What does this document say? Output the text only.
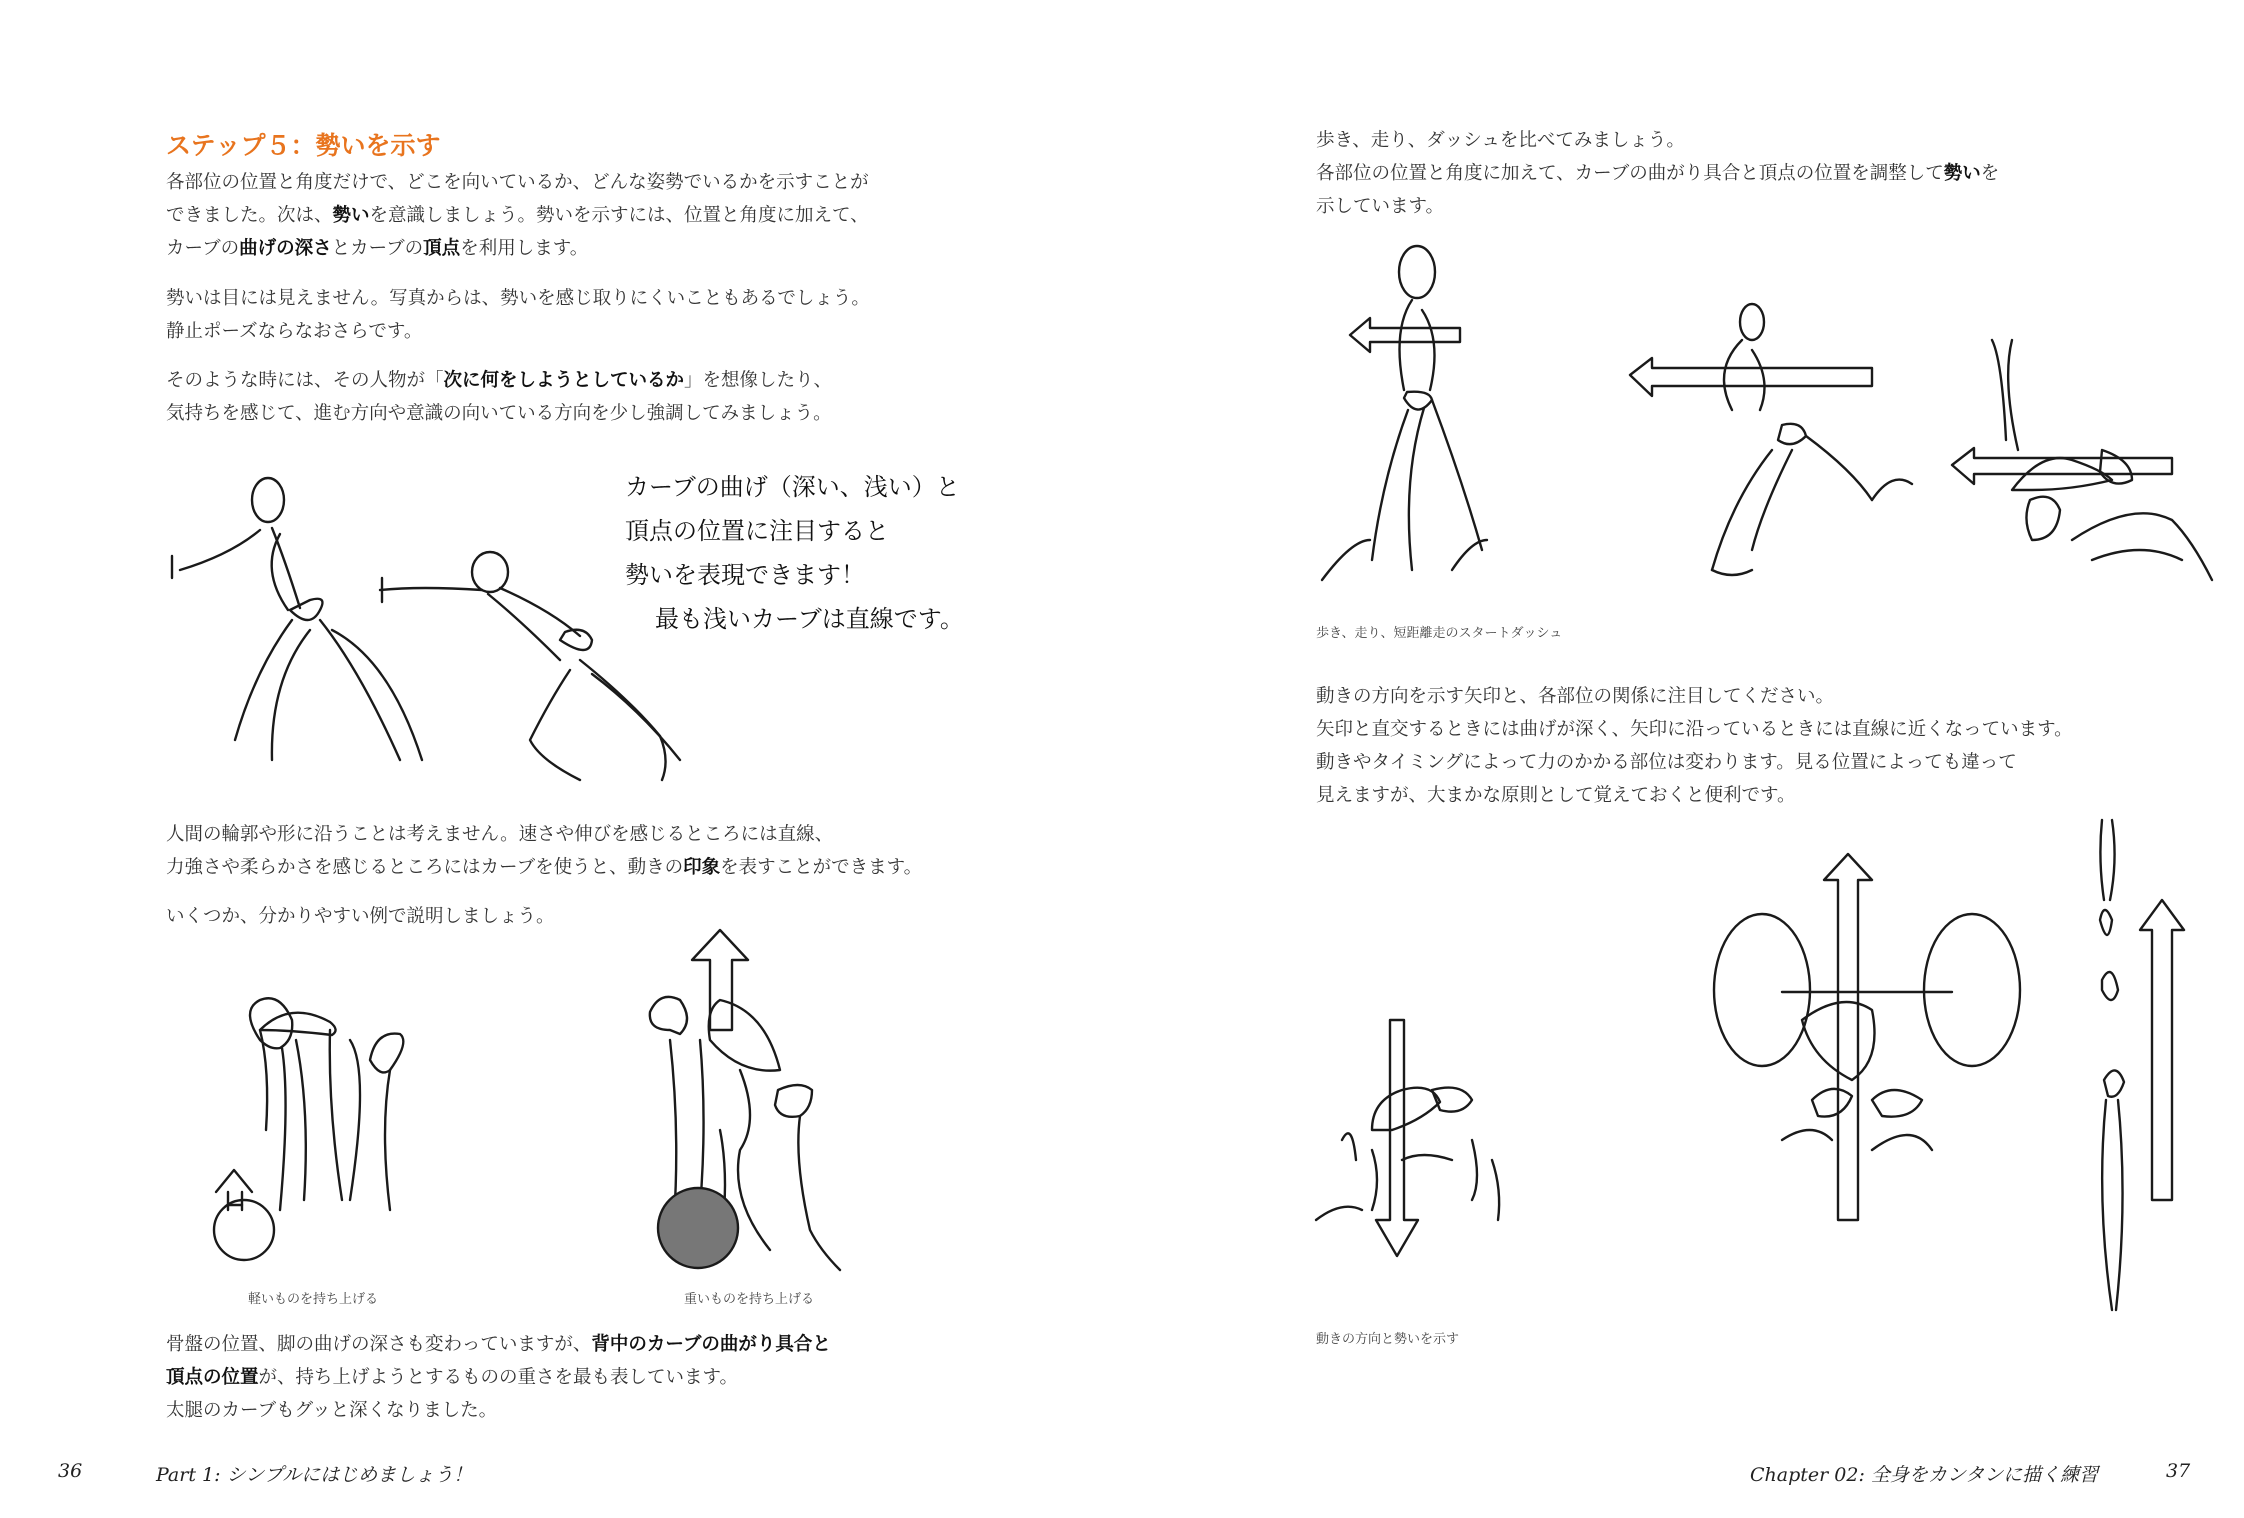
ステップ５：勢いを示す
各部位の位置と角度だけで、どこを向いているか、どんな姿勢でいるかを示すことが
できました。次は、勢いを意識しましょう。勢いを示すには、位置と角度に加えて、
カーブの曲げの深さとカーブの頂点を利用します。
勢いは目には見えません。写真からは、勢いを感じ取りにくいこともあるでしょう。
静止ポーズならなおさらです。
そのような時には、その人物が「次に何をしようとしているか」を想像したり、
気持ちを感じて、進む方向や意識の向いている方向を少し強調してみましょう。
カーブの曲げ（深い、浅い）と
頂点の位置に注目すると
勢いを表現できます！
最も浅いカーブは直線です。
人間の輪郭や形に沿うことは考えません。速さや伸びを感じるところには直線、
力強さや柔らかさを感じるところにはカーブを使うと、動きの印象を表すことができます。
いくつか、分かりやすい例で説明しましょう。
軽いものを持ち上げる	重いものを持ち上げる
骨盤の位置、脚の曲げの深さも変わっていますが、背中のカーブの曲がり具合と
頂点の位置が、持ち上げようとするものの重さを最も表しています。
太腿のカーブもグッと深くなりました。
36	Part 1: シンプルにはじめましょう！
歩き、走り、ダッシュを比べてみましょう。
各部位の位置と角度に加えて、カーブの曲がり具合と頂点の位置を調整して勢いを
示しています。
歩き、走り、短距離走のスタートダッシュ
動きの方向を示す矢印と、各部位の関係に注目してください。
矢印と直交するときには曲げが深く、矢印に沿っているときには直線に近くなっています。
動きやタイミングによって力のかかる部位は変わります。見る位置によっても違って
見えますが、大まかな原則として覚えておくと便利です。
動きの方向と勢いを示す
Chapter 02: 全身をカンタンに描く練習	37
